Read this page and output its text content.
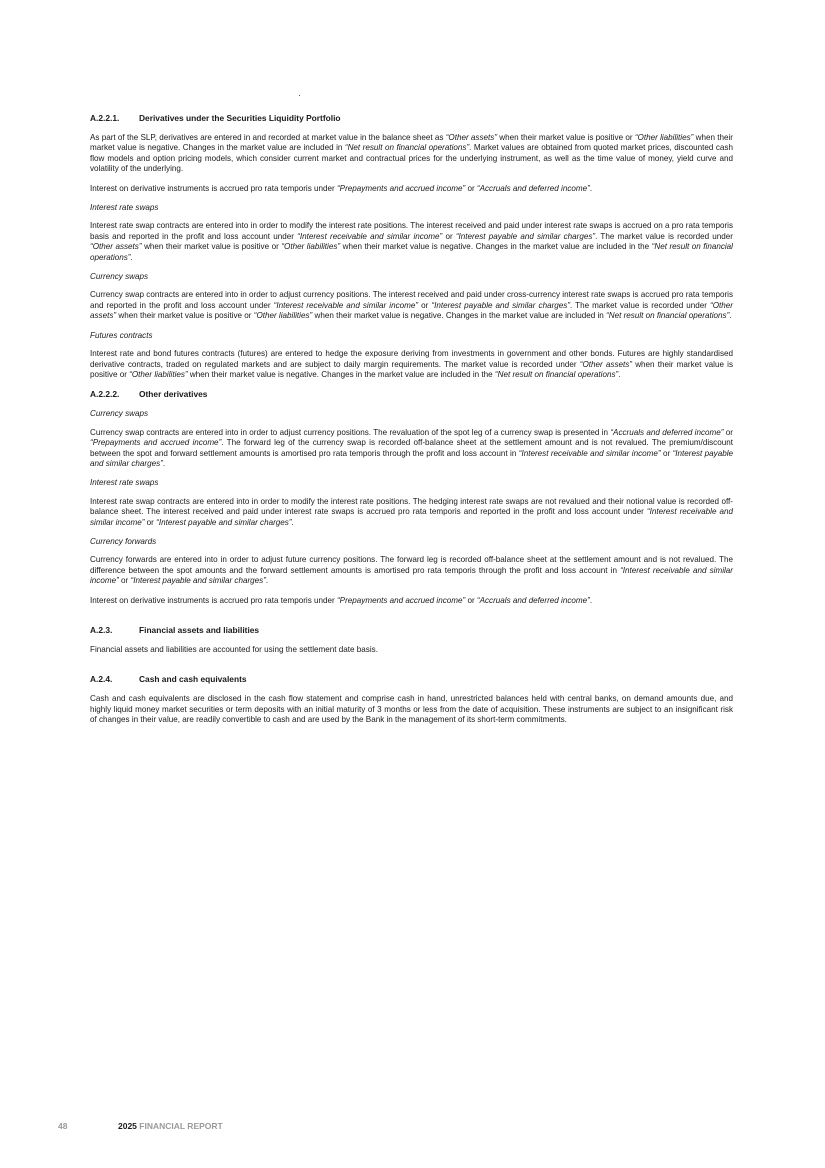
A.2.2.1. Derivatives under the Securities Liquidity Portfolio

As part of the SLP, derivatives are entered in and recorded at market value in the balance sheet as “Other assets” when their market value is positive or “Other liabilities” when their market value is negative. Changes in the market value are included in “Net result on financial operations”. Market values are obtained from quoted market prices, discounted cash flow models and option pricing models, which consider current market and contractual prices for the underlying instrument, as well as the time value of money, yield curve and volatility of the underlying.

Interest on derivative instruments is accrued pro rata temporis under “Prepayments and accrued income” or “Accruals and deferred income”.

Interest rate swaps

Interest rate swap contracts are entered into in order to modify the interest rate positions. The interest received and paid under interest rate swaps is accrued on a pro rata temporis basis and reported in the profit and loss account under “Interest receivable and similar income” or “Interest payable and similar charges”. The market value is recorded under “Other assets” when their market value is positive or “Other liabilities” when their market value is negative. Changes in the market value are included in the “Net result on financial operations”.

Currency swaps

Currency swap contracts are entered into in order to adjust currency positions. The interest received and paid under cross-currency interest rate swaps is accrued pro rata temporis and reported in the profit and loss account under “Interest receivable and similar income” or “Interest payable and similar charges”. The market value is recorded under “Other assets” when their market value is positive or “Other liabilities” when their market value is negative. Changes in the market value are included in “Net result on financial operations”.

Futures contracts

Interest rate and bond futures contracts (futures) are entered to hedge the exposure deriving from investments in government and other bonds. Futures are highly standardised derivative contracts, traded on regulated markets and are subject to daily margin requirements. The market value is recorded under “Other assets” when their market value is positive or “Other liabilities” when their market value is negative. Changes in the market value are included in the “Net result on financial operations”.

A.2.2.2. Other derivatives
Currency swaps

Currency swap contracts are entered into in order to adjust currency positions. The revaluation of the spot leg of a currency swap is presented in “Accruals and deferred income” or “Prepayments and accrued income”. The forward leg of the currency swap is recorded off-balance sheet at the settlement amount and is not revalued. The premium/discount between the spot and forward settlement amounts is amortised pro rata temporis through the profit and loss account in “Interest receivable and similar income” or “Interest payable and similar charges”.

Interest rate swaps

Interest rate swap contracts are entered into in order to modify the interest rate positions. The hedging interest rate swaps are not revalued and their notional value is recorded off-balance sheet. The interest received and paid under interest rate swaps is accrued pro rata temporis and reported in the profit and loss account under “Interest receivable and similar income” or “Interest payable and similar charges”.

Currency forwards

Currency forwards are entered into in order to adjust future currency positions. The forward leg is recorded off-balance sheet at the settlement amount and is not revalued. The difference between the spot amounts and the forward settlement amounts is amortised pro rata temporis through the profit and loss account in “Interest receivable and similar income” or “Interest payable and similar charges”.

Interest on derivative instruments is accrued pro rata temporis under “Prepayments and accrued income” or “Accruals and deferred income”.

A.2.3.	Financial assets and liabilities

Financial assets and liabilities are accounted for using the settlement date basis.

A.2.4.	Cash and cash equivalents

Cash and cash equivalents are disclosed in the cash flow statement and comprise cash in hand, unrestricted balances held with central banks, on demand amounts due, and highly liquid money market securities or term deposits with an initial maturity of 3 months or less from the date of acquisition. These instruments are subject to an insignificant risk of changes in their value, are readily convertible to cash and are used by the Bank in the management of its short-term commitments.

48	2025 FINANCIAL REPORT
